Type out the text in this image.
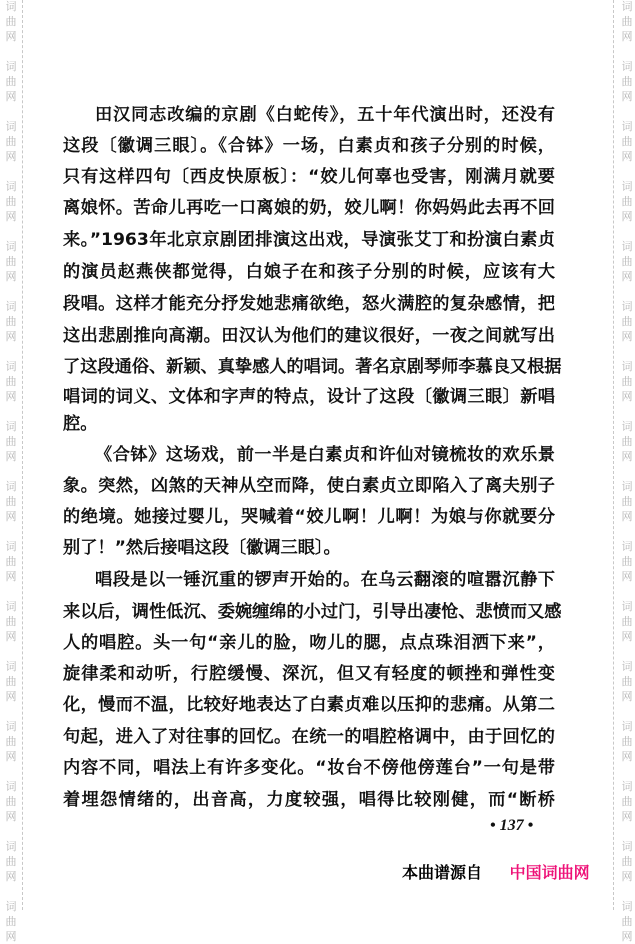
词
曲
网
词
曲
网
词
曲
网
词
曲
网
词
曲
网
词
曲
网
词
曲
网
词
曲
网
词
曲
网
词
曲
网
词
曲
网
词
曲
网
词
曲
网
词
曲
网
词
曲
网
词
曲
网
词
曲
网
词
曲
网
词
曲
网
词
曲
网
词
曲
网
词
曲
网
词
曲
网
词
曲
网
词
曲
网
词
曲
网
词
曲
网
词
曲
网
词
曲
网
词
曲
网
词
曲
网
词
曲
网
田汉同志改编的京剧《白蛇传》，五十年代演出时，还没有
这段〔徽调三眼〕。《合钵》一场，白素贞和孩子分别的时候，
只有这样四句〔西皮快原板〕：“姣儿何辜也受害，刚满月就要
离娘怀。苦命儿再吃一口离娘的奶，姣儿啊！你妈妈此去再不回
来。”1963年北京京剧团排演这出戏，导演张艾丁和扮演白素贞
的演员赵燕侠都觉得，白娘子在和孩子分别的时候，应该有大
段唱。这样才能充分抒发她悲痛欲绝，怒火满腔的复杂感情，把
这出悲剧推向高潮。田汉认为他们的建议很好，一夜之间就写出
了这段通俗、新颖、真挚感人的唱词。著名京剧琴师李慕良又根据
唱词的词义、文体和字声的特点，设计了这段〔徽调三眼〕新唱
腔。
《合钵》这场戏，前一半是白素贞和许仙对镜梳妆的欢乐景
象。突然，凶煞的天神从空而降，使白素贞立即陷入了离夫别子
的绝境。她接过婴儿，哭喊着“姣儿啊！儿啊！为娘与你就要分
别了！”然后接唱这段〔徽调三眼〕。
唱段是以一锤沉重的锣声开始的。在乌云翻滚的喧嚣沉静下
来以后，调性低沉、委婉缠绵的小过门，引导出凄怆、悲愤而又感
人的唱腔。头一句“亲儿的脸，吻儿的腮，点点珠泪洒下来”，
旋律柔和动听，行腔缓慢、深沉，但又有轻度的顿挫和弹性变
化，慢而不温，比较好地表达了白素贞难以压抑的悲痛。从第二
句起，进入了对往事的回忆。在统一的唱腔格调中，由于回忆的
内容不同，唱法上有许多变化。“妆台不傍他傍莲台”一句是带
着埋怨情绪的，出音高，力度较强，唱得比较刚健，而“断桥
• 137 •
本曲谱源自 中国词曲网
